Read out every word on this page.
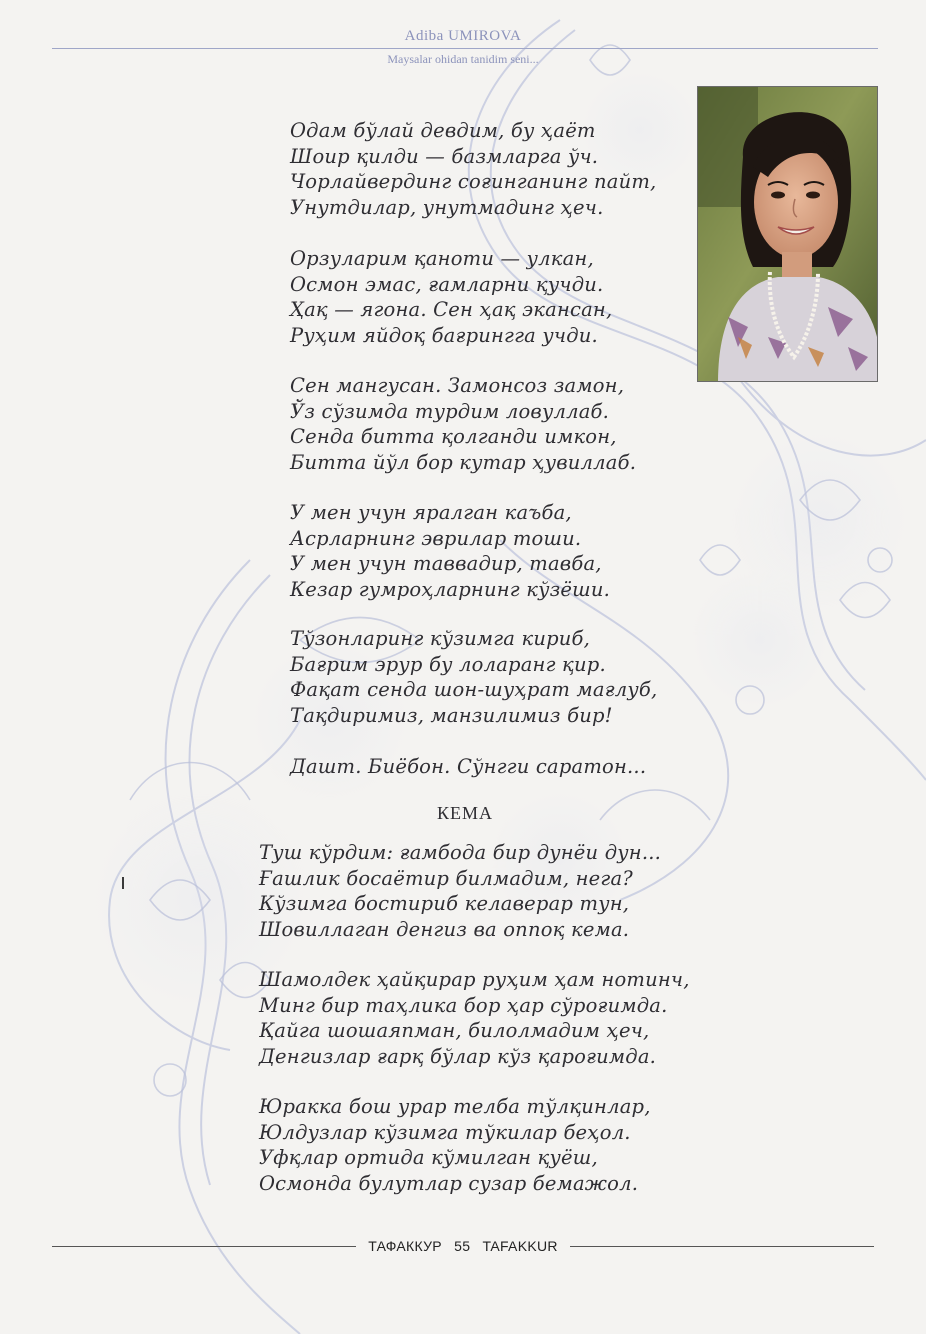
Adiba UMIROVA
Maysalar ohidan tanidim seni...
Одам бўлай девдим, бу ҳаёт
Шоир қилди — базмларга ўч.
Чорлайвердинг соғинганинг пайт,
Унутдилар, унутмадинг ҳеч.
Орзуларим қаноти — улкан,
Осмон эмас, ғамларни қучди.
Ҳақ — ягона. Сен ҳақ экансан,
Руҳим яйдоқ бағрингга учди.
Сен мангусан. Замонсоз замон,
Ўз сўзимда турдим ловуллаб.
Сенда битта қолганди имкон,
Битта йўл бор кутар ҳувиллаб.
У мен учун яралган каъба,
Асрларнинг эврилар тоши.
У мен учун таввадир, тавба,
Кезар гумроҳларнинг кўзёши.
Тўзонларинг кўзимга кириб,
Бағрим эрур бу лоларанг қир.
Фақат сенда шон-шуҳрат мағлуб,
Тақдиримиз, манзилимиз бир!
Дашт. Биёбон. Сўнгги саратон...
КЕМА
Туш кўрдим: ғамбода бир дунёи дун...
Ғашлик босаётир билмадим, нега?
Кўзимга бостириб келаверар тун,
Шовиллаган денгиз ва оппоқ кема.
Шамолдек ҳайқирар руҳим ҳам нотинч,
Минг бир таҳлика бор ҳар сўроғимда.
Қайга шошаяпман, билолмадим ҳеч,
Денгизлар ғарқ бўлар кўз қароғимда.
Юракка бош урар телба тўлқинлар,
Юлдузлар кўзимга тўкилар беҳол.
Уфқлар ортида кўмилган қуёш,
Осмонда булутлар сузар бемажол.
ТАФАККУР 55 TAFAKKUR
